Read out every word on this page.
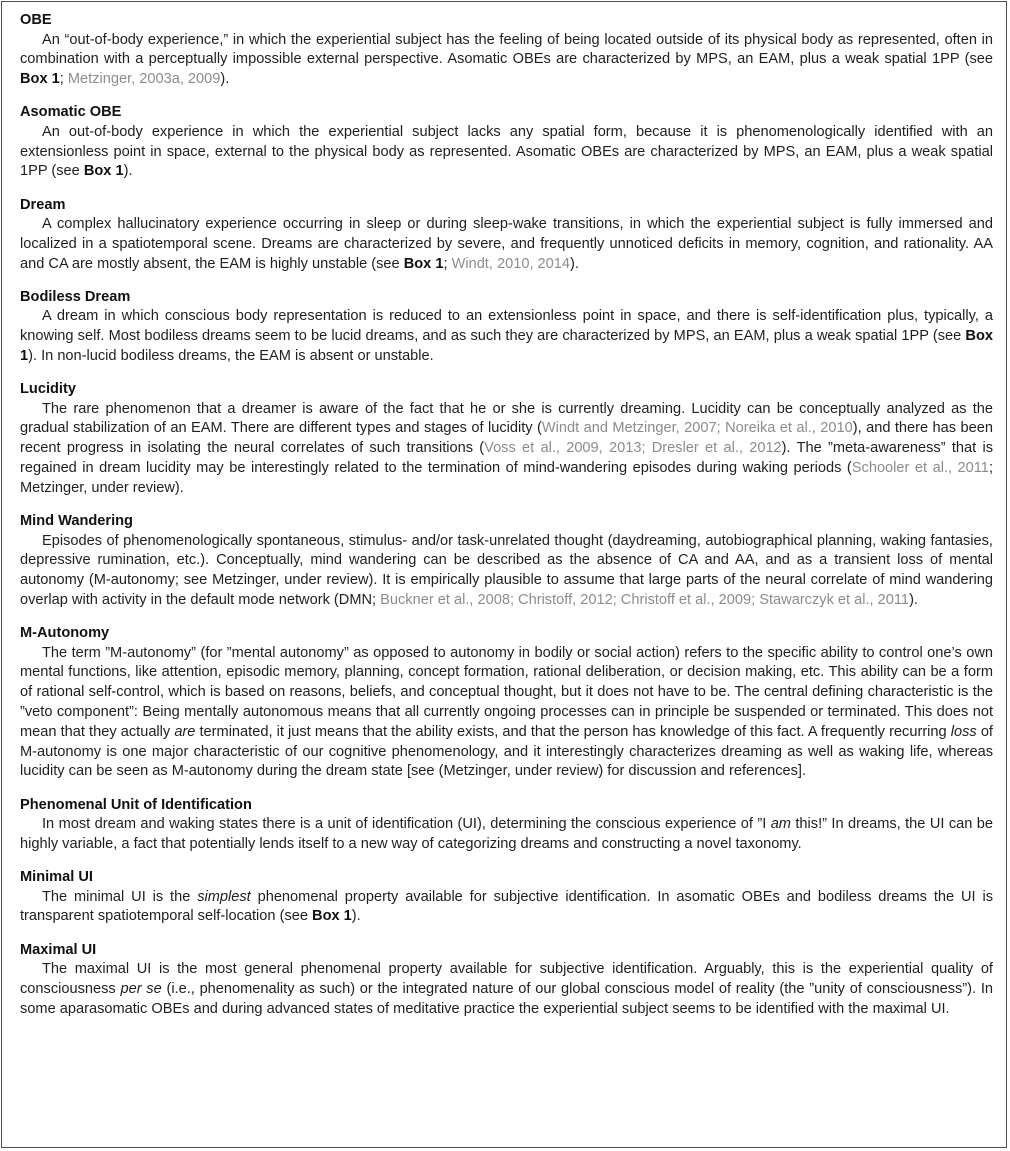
OBE

An “out-of-body experience,” in which the experiential subject has the feeling of being located outside of its physical body as represented, often in combination with a perceptually impossible external perspective. Asomatic OBEs are characterized by MPS, an EAM, plus a weak spatial 1PP (see Box 1; Metzinger, 2003a, 2009).

Asomatic OBE

An out-of-body experience in which the experiential subject lacks any spatial form, because it is phenomenologically identified with an extensionless point in space, external to the physical body as represented. Asomatic OBEs are characterized by MPS, an EAM, plus a weak spatial 1PP (see Box 1).

Dream

A complex hallucinatory experience occurring in sleep or during sleep-wake transitions, in which the experiential subject is fully immersed and localized in a spatiotemporal scene. Dreams are characterized by severe, and frequently unnoticed deficits in memory, cognition, and rationality. AA and CA are mostly absent, the EAM is highly unstable (see Box 1; Windt, 2010, 2014).

Bodiless Dream

A dream in which conscious body representation is reduced to an extensionless point in space, and there is self-identification plus, typically, a knowing self. Most bodiless dreams seem to be lucid dreams, and as such they are characterized by MPS, an EAM, plus a weak spatial 1PP (see Box 1). In non-lucid bodiless dreams, the EAM is absent or unstable.

Lucidity

The rare phenomenon that a dreamer is aware of the fact that he or she is currently dreaming. Lucidity can be conceptually analyzed as the gradual stabilization of an EAM. There are different types and stages of lucidity (Windt and Metzinger, 2007; Noreika et al., 2010), and there has been recent progress in isolating the neural correlates of such transitions (Voss et al., 2009, 2013; Dresler et al., 2012). The ”meta-awareness” that is regained in dream lucidity may be interestingly related to the termination of mind-wandering episodes during waking periods (Schooler et al., 2011; Metzinger, under review).

Mind Wandering

Episodes of phenomenologically spontaneous, stimulus- and/or task-unrelated thought (daydreaming, autobiographical planning, waking fantasies, depressive rumination, etc.). Conceptually, mind wandering can be described as the absence of CA and AA, and as a transient loss of mental autonomy (M-autonomy; see Metzinger, under review). It is empirically plausible to assume that large parts of the neural correlate of mind wandering overlap with activity in the default mode network (DMN; Buckner et al., 2008; Christoff, 2012; Christoff et al., 2009; Stawarczyk et al., 2011).

M-Autonomy

The term ”M-autonomy” (for ”mental autonomy” as opposed to autonomy in bodily or social action) refers to the specific ability to control one’s own mental functions, like attention, episodic memory, planning, concept formation, rational deliberation, or decision making, etc. This ability can be a form of rational self-control, which is based on reasons, beliefs, and conceptual thought, but it does not have to be. The central defining characteristic is the ”veto component”: Being mentally autonomous means that all currently ongoing processes can in principle be suspended or terminated. This does not mean that they actually are terminated, it just means that the ability exists, and that the person has knowledge of this fact. A frequently recurring loss of M-autonomy is one major characteristic of our cognitive phenomenology, and it interestingly characterizes dreaming as well as waking life, whereas lucidity can be seen as M-autonomy during the dream state [see (Metzinger, under review) for discussion and references].

Phenomenal Unit of Identification

In most dream and waking states there is a unit of identification (UI), determining the conscious experience of ”I am this!” In dreams, the UI can be highly variable, a fact that potentially lends itself to a new way of categorizing dreams and constructing a novel taxonomy.

Minimal UI

The minimal UI is the simplest phenomenal property available for subjective identification. In asomatic OBEs and bodiless dreams the UI is transparent spatiotemporal self-location (see Box 1).

Maximal UI

The maximal UI is the most general phenomenal property available for subjective identification. Arguably, this is the experiential quality of consciousness per se (i.e., phenomenality as such) or the integrated nature of our global conscious model of reality (the ”unity of consciousness”). In some aparasomatic OBEs and during advanced states of meditative practice the experiential subject seems to be identified with the maximal UI.
